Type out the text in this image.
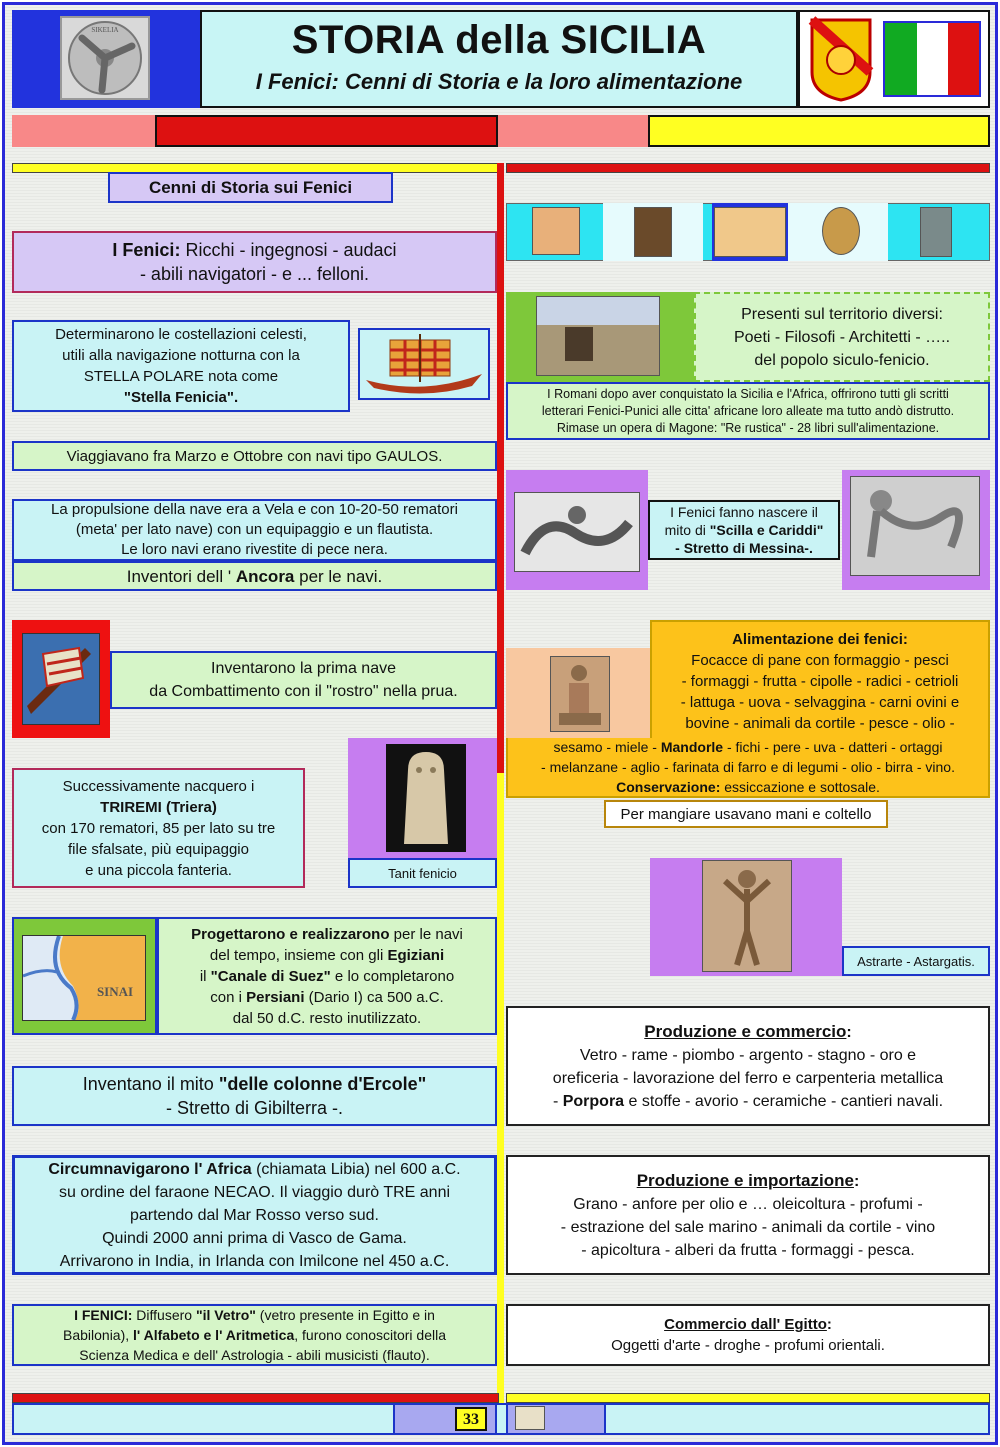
SIKELIA	STORIA della SICILIA
I Fenici: Cenni di Storia e la loro alimentazione
Cenni di Storia sui Fenici
I Fenici: Ricchi - ingegnosi - audaci
- abili navigatori - e ... felloni.
Determinarono le costellazioni celesti,
utili alla navigazione notturna con la
STELLA POLARE nota come
"Stella Fenicia".
Viaggiavano fra Marzo e Ottobre con navi tipo GAULOS.
La propulsione della nave era a Vela e con 10-20-50 rematori
(meta' per lato nave) con un equipaggio e un flautista.
Le loro navi erano rivestite di pece nera.
Inventori dell ' Ancora per le navi.
Inventarono la prima nave
da Combattimento con il "rostro" nella prua.
Successivamente nacquero i
TRIREMI (Triera)
con 170 rematori, 85 per lato su tre
file sfalsate, più equipaggio
e una piccola fanteria.	Tanit fenicio
SINAI
Progettarono e realizzarono per le navi
del tempo, insieme con gli Egiziani
il "Canale di Suez" e lo completarono
con i Persiani (Dario I) ca 500 a.C.
dal 50 d.C. resto inutilizzato.
Inventano il mito "delle colonne d'Ercole"
- Stretto di Gibilterra -.
Circumnavigarono l' Africa (chiamata Libia) nel 600 a.C.
su ordine del faraone NECAO. Il viaggio durò TRE anni
partendo dal Mar Rosso verso sud.
Quindi 2000 anni prima di Vasco de Gama.
Arrivarono in India, in Irlanda con Imilcone nel 450 a.C.
I FENICI: Diffusero "il Vetro" (vetro presente in Egitto e in
Babilonia), l' Alfabeto e l' Aritmetica, furono conoscitori della
Scienza Medica e dell' Astrologia - abili musicisti (flauto).
Presenti sul territorio diversi:
Poeti - Filosofi - Architetti - …..
del popolo siculo-fenicio.
I Romani dopo aver conquistato la Sicilia e l'Africa, offrirono tutti gli scritti
letterari Fenici-Punici alle citta' africane loro alleate ma tutto andò distrutto.
Rimase un opera di Magone: "Re rustica" - 28 libri sull'alimentazione.
I Fenici fanno nascere il
mito di "Scilla e Cariddi"
- Stretto di Messina-.
Alimentazione dei fenici:
Focacce di pane con formaggio - pesci
- formaggi - frutta - cipolle - radici - cetrioli
- lattuga - uova - selvaggina - carni ovini e
bovine - animali da cortile - pesce - olio -
sesamo - miele - Mandorle - fichi - pere - uva - datteri - ortaggi
- melanzane - aglio - farinata di farro e di legumi - olio - birra - vino.
Conservazione: essiccazione e sottosale.
Per mangiare usavano mani e coltello
Astrarte - Astargatis.
Produzione e commercio:
Vetro - rame - piombo - argento - stagno - oro e
oreficeria - lavorazione del ferro e carpenteria metallica
- Porpora e stoffe - avorio - ceramiche - cantieri navali.
Produzione e importazione:
Grano - anfore per olio e … oleicoltura - profumi -
- estrazione del sale marino - animali da cortile - vino
- apicoltura - alberi da frutta - formaggi - pesca.
Commercio dall' Egitto:
Oggetti d'arte - droghe - profumi orientali.
33
